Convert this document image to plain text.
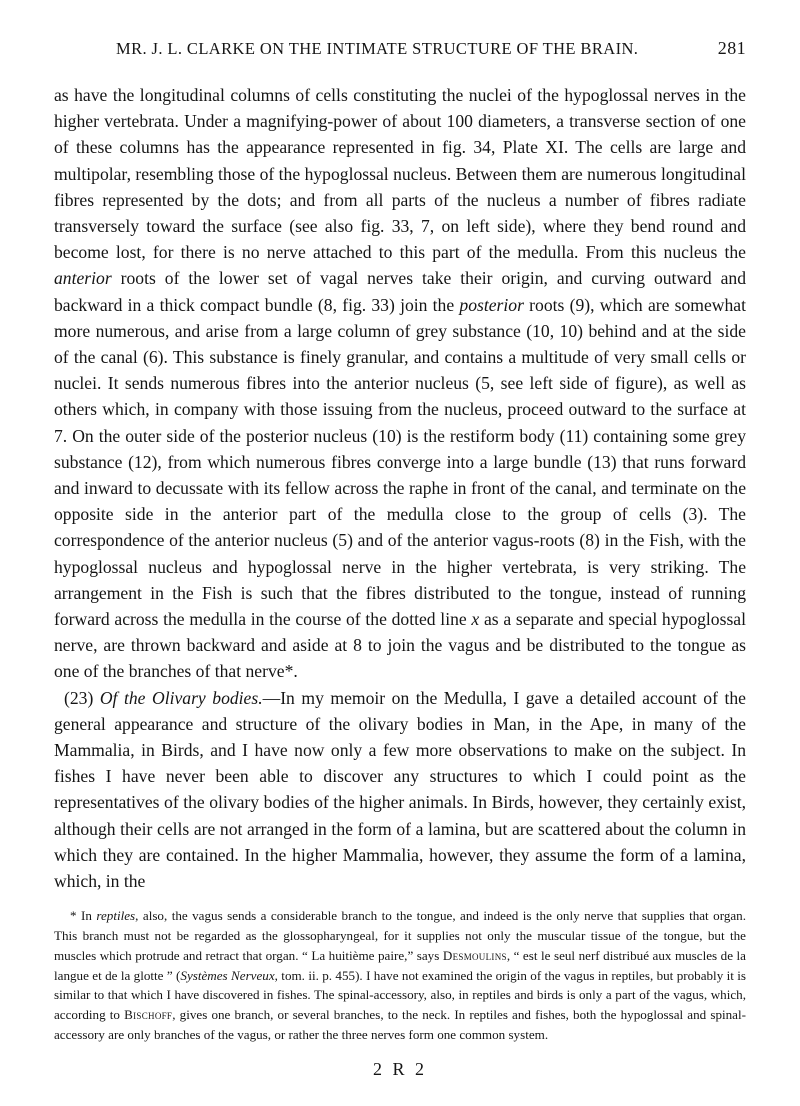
MR. J. L. CLARKE ON THE INTIMATE STRUCTURE OF THE BRAIN.	281

as have the longitudinal columns of cells constituting the nuclei of the hypoglossal nerves in the higher vertebrata. Under a magnifying-power of about 100 diameters, a transverse section of one of these columns has the appearance represented in fig. 34, Plate XI. The cells are large and multipolar, resembling those of the hypoglossal nucleus. Between them are numerous longitudinal fibres represented by the dots; and from all parts of the nucleus a number of fibres radiate transversely toward the surface (see also fig. 33, 7, on left side), where they bend round and become lost, for there is no nerve attached to this part of the medulla. From this nucleus the anterior roots of the lower set of vagal nerves take their origin, and curving outward and backward in a thick compact bundle (8, fig. 33) join the posterior roots (9), which are somewhat more numerous, and arise from a large column of grey substance (10, 10) behind and at the side of the canal (6). This substance is finely granular, and contains a multitude of very small cells or nuclei. It sends numerous fibres into the anterior nucleus (5, see left side of figure), as well as others which, in company with those issuing from the nucleus, proceed outward to the surface at 7. On the outer side of the posterior nucleus (10) is the restiform body (11) containing some grey substance (12), from which numerous fibres converge into a large bundle (13) that runs forward and inward to decussate with its fellow across the raphe in front of the canal, and terminate on the opposite side in the anterior part of the medulla close to the group of cells (3). The correspondence of the anterior nucleus (5) and of the anterior vagus-roots (8) in the Fish, with the hypoglossal nucleus and hypoglossal nerve in the higher vertebrata, is very striking. The arrangement in the Fish is such that the fibres distributed to the tongue, instead of running forward across the medulla in the course of the dotted line x as a separate and special hypoglossal nerve, are thrown backward and aside at 8 to join the vagus and be distributed to the tongue as one of the branches of that nerve*.

(23) Of the Olivary bodies.—In my memoir on the Medulla, I gave a detailed account of the general appearance and structure of the olivary bodies in Man, in the Ape, in many of the Mammalia, in Birds, and I have now only a few more observations to make on the subject. In fishes I have never been able to discover any structures to which I could point as the representatives of the olivary bodies of the higher animals. In Birds, however, they certainly exist, although their cells are not arranged in the form of a lamina, but are scattered about the column in which they are contained. In the higher Mammalia, however, they assume the form of a lamina, which, in the

* In reptiles, also, the vagus sends a considerable branch to the tongue, and indeed is the only nerve that supplies that organ. This branch must not be regarded as the glossopharyngeal, for it supplies not only the muscular tissue of the tongue, but the muscles which protrude and retract that organ. “ La huitième paire,” says Desmoulins, “ est le seul nerf distribué aux muscles de la langue et de la glotte ” (Systèmes Nerveux, tom. ii. p. 455). I have not examined the origin of the vagus in reptiles, but probably it is similar to that which I have discovered in fishes. The spinal-accessory, also, in reptiles and birds is only a part of the vagus, which, according to Bischoff, gives one branch, or several branches, to the neck. In reptiles and fishes, both the hypoglossal and spinal-accessory are only branches of the vagus, or rather the three nerves form one common system.

2 R 2
